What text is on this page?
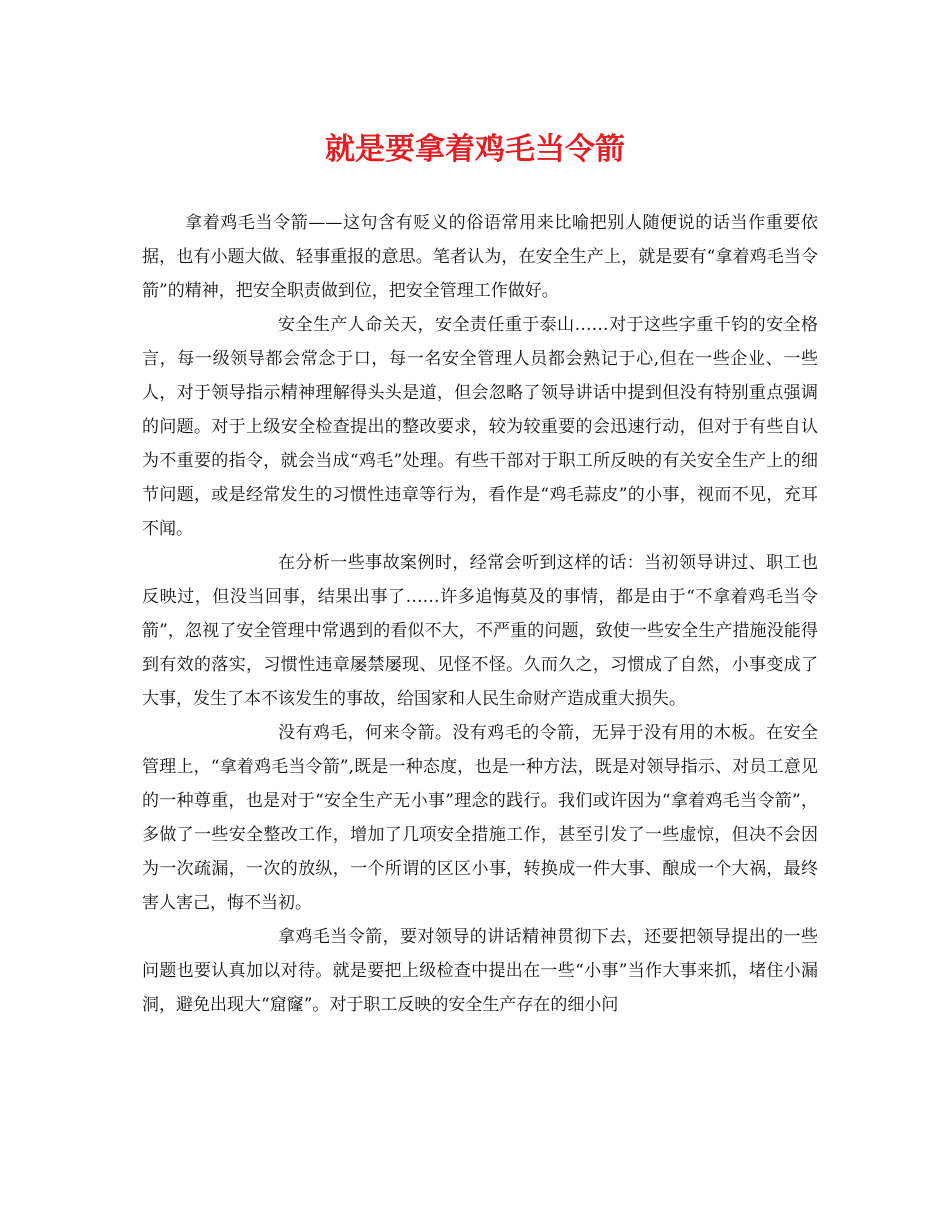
就是要拿着鸡毛当令箭

拿着鸡毛当令箭——这句含有贬义的俗语常用来比喻把别人随便说的话当作重要依据，也有小题大做、轻事重报的意思。笔者认为，在安全生产上，就是要有“拿着鸡毛当令箭”的精神，把安全职责做到位，把安全管理工作做好。

安全生产人命关天，安全责任重于泰山……对于这些字重千钧的安全格言，每一级领导都会常念于口，每一名安全管理人员都会熟记于心,但在一些企业、一些人，对于领导指示精神理解得头头是道，但会忽略了领导讲话中提到但没有特别重点强调的问题。对于上级安全检查提出的整改要求，较为较重要的会迅速行动，但对于有些自认为不重要的指令，就会当成“鸡毛”处理。有些干部对于职工所反映的有关安全生产上的细节问题，或是经常发生的习惯性违章等行为，看作是“鸡毛蒜皮”的小事，视而不见，充耳不闻。

在分析一些事故案例时，经常会听到这样的话：当初领导讲过、职工也反映过，但没当回事，结果出事了……许多追悔莫及的事情，都是由于“不拿着鸡毛当令箭”，忽视了安全管理中常遇到的看似不大，不严重的问题，致使一些安全生产措施没能得到有效的落实，习惯性违章屡禁屡现、见怪不怪。久而久之，习惯成了自然，小事变成了大事，发生了本不该发生的事故，给国家和人民生命财产造成重大损失。

没有鸡毛，何来令箭。没有鸡毛的令箭，无异于没有用的木板。在安全管理上，“拿着鸡毛当令箭”,既是一种态度，也是一种方法，既是对领导指示、对员工意见的一种尊重，也是对于“安全生产无小事”理念的践行。我们或许因为“拿着鸡毛当令箭”，多做了一些安全整改工作，增加了几项安全措施工作，甚至引发了一些虚惊，但决不会因为一次疏漏，一次的放纵，一个所谓的区区小事，转换成一件大事、酿成一个大祸，最终害人害己，悔不当初。

拿鸡毛当令箭，要对领导的讲话精神贯彻下去，还要把领导提出的一些问题也要认真加以对待。就是要把上级检查中提出在一些“小事”当作大事来抓，堵住小漏洞，避免出现大“窟窿”。对于职工反映的安全生产存在的细小问
